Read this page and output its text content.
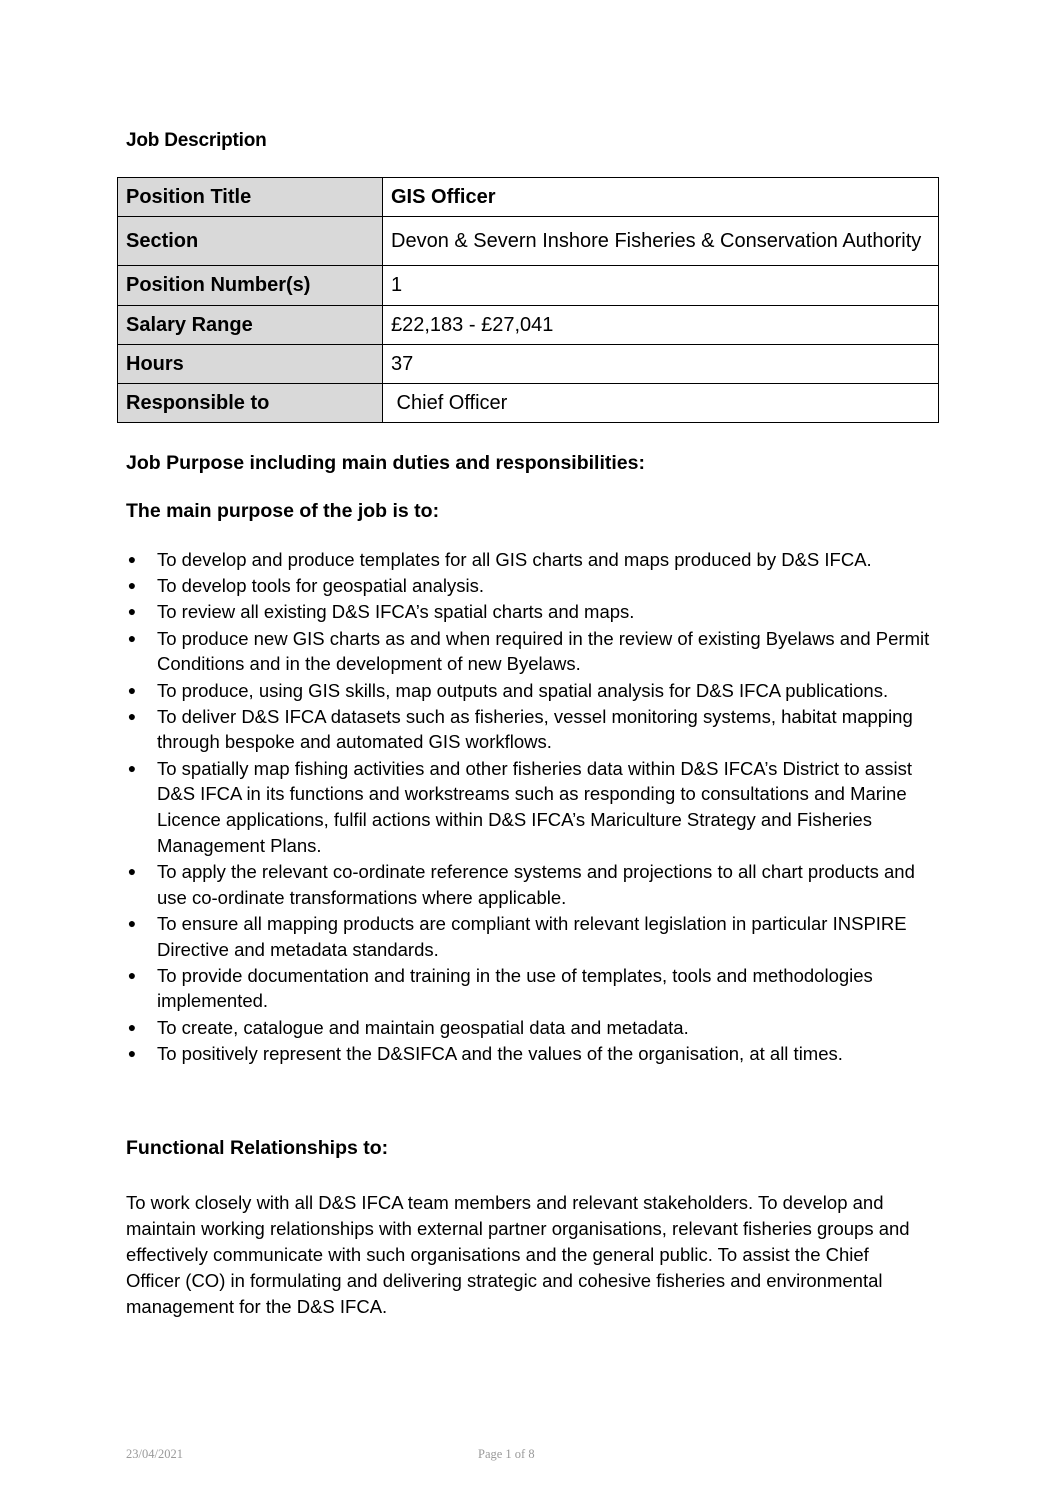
Job Description
Position Title	GIS Officer
Section	Devon & Severn Inshore Fisheries & Conservation Authority
Position Number(s)	1
Salary Range	£22,183 - £27,041
Hours	37
Responsible to	Chief Officer
Job Purpose including main duties and responsibilities:
The main purpose of the job is to:
● To develop and produce templates for all GIS charts and maps produced by D&S IFCA.
● To develop tools for geospatial analysis.
● To review all existing D&S IFCA’s spatial charts and maps.
● To produce new GIS charts as and when required in the review of existing Byelaws and Permit Conditions and in the development of new Byelaws.
● To produce, using GIS skills, map outputs and spatial analysis for D&S IFCA publications.
● To deliver D&S IFCA datasets such as fisheries, vessel monitoring systems, habitat mapping through bespoke and automated GIS workflows.
● To spatially map fishing activities and other fisheries data within D&S IFCA’s District to assist D&S IFCA in its functions and workstreams such as responding to consultations and Marine Licence applications, fulfil actions within D&S IFCA’s Mariculture Strategy and Fisheries Management Plans.
● To apply the relevant co-ordinate reference systems and projections to all chart products and use co-ordinate transformations where applicable.
● To ensure all mapping products are compliant with relevant legislation in particular INSPIRE Directive and metadata standards.
● To provide documentation and training in the use of templates, tools and methodologies implemented.
● To create, catalogue and maintain geospatial data and metadata.
● To positively represent the D&SIFCA and the values of the organisation, at all times.
Functional Relationships to:
To work closely with all D&S IFCA team members and relevant stakeholders. To develop and maintain working relationships with external partner organisations, relevant fisheries groups and effectively communicate with such organisations and the general public. To assist the Chief Officer (CO) in formulating and delivering strategic and cohesive fisheries and environmental management for the D&S IFCA.
23/04/2021	Page 1 of 8
